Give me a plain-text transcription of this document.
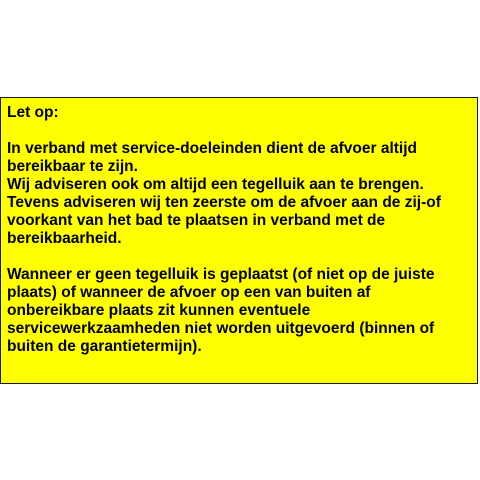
Let op:

In verband met service-doeleinden dient de afvoer altijd
bereikbaar te zijn.
Wij adviseren ook om altijd een tegelluik aan te brengen.
Tevens adviseren wij ten zeerste om de afvoer aan de zij-of
voorkant van het bad te plaatsen in verband met de
bereikbaarheid.

Wanneer er geen tegelluik is geplaatst (of niet op de juiste
plaats) of wanneer de afvoer op een van buiten af
onbereikbare plaats zit kunnen eventuele
servicewerkzaamheden niet worden uitgevoerd (binnen of
buiten de garantietermijn).
